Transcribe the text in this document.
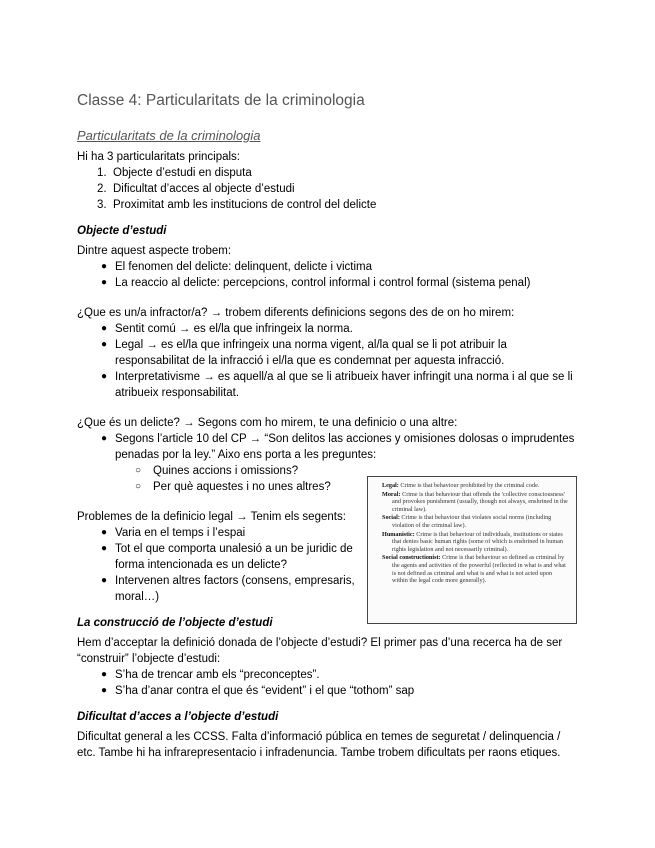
Classe 4: Particularitats de la criminologia
Particularitats de la criminologia

Hi ha 3 particularitats principals:

1. Objecte d’estudi en disputa
2. Dificultat d’acces al objecte d’estudi
3. Proximitat amb les institucions de control del delicte
Objecte d’estudi

Dintre aquest aspecte trobem:

● El fenomen del delicte: delinquent, delicte i victima
● La reaccio al delicte: percepcions, control informal i control formal (sistema penal)

¿Que es un/a infractor/a? → trobem diferents definicions segons des de on ho mirem:

● Sentit comú → es el/la que infringeix la norma.
● Legal → es el/la que infringeix una norma vigent, al/la qual se li pot atribuir la responsabilitat de la infracció i el/la que es condemnat per aquesta infracció.
● Interpretativisme → es aquell/a al que se li atribueix haver infringit una norma i al que se li atribueix responsabilitat.

¿Que és un delicte? → Segons com ho mirem, te una definicio o una altre:

● Segons l’article 10 del CP → “Son delitos las acciones y omisiones dolosas o imprudentes penadas por la ley.” Aixo ens porta a les preguntes:
○ Quines accions i omissions?
○ Per què aquestes i no unes altres?

Problemes de la definicio legal → Tenim els segents:

● Varia en el temps i l’espai
● Tot el que comporta unalesió a un be juridic de forma intencionada es un delicte?
● Intervenen altres factors (consens, empresaris, moral…)
La construcció de l’objecte d’estudi

Hem d’acceptar la definició donada de l’objecte d’estudi? El primer pas d’una recerca ha de ser “construir” l’objecte d’estudi:

● S’ha de trencar amb els “preconceptes”.
● S’ha d’anar contra el que és “evident” i el que “tothom” sap
Dificultat d’acces a l’objecte d’estudi

Dificultat general a les CCSS. Falta d’informació pública en temes de seguretat / delinquencia / etc. Tambe hi ha infrarepresentacio i infradenuncia. Tambe trobem dificultats per raons etiques.

Legal: Crime is that behaviour prohibited by the criminal code.

Moral: Crime is that behaviour that offends the 'collective consciousness' and provokes punishment (usually, though not always, enshrined in the criminal law).

Social: Crime is that behaviour that violates social norms (including violation of the criminal law).

Humanistic: Crime is that behaviour of individuals, institutions or states that denies basic human rights (some of which is enshrined in human rights legislation and not necessarily criminal).

Social constructionist: Crime is that behaviour so defined as criminal by the agents and activities of the powerful (reflected in what is and what is not defined as criminal and what is and what is not acted upon within the legal code more generally).
